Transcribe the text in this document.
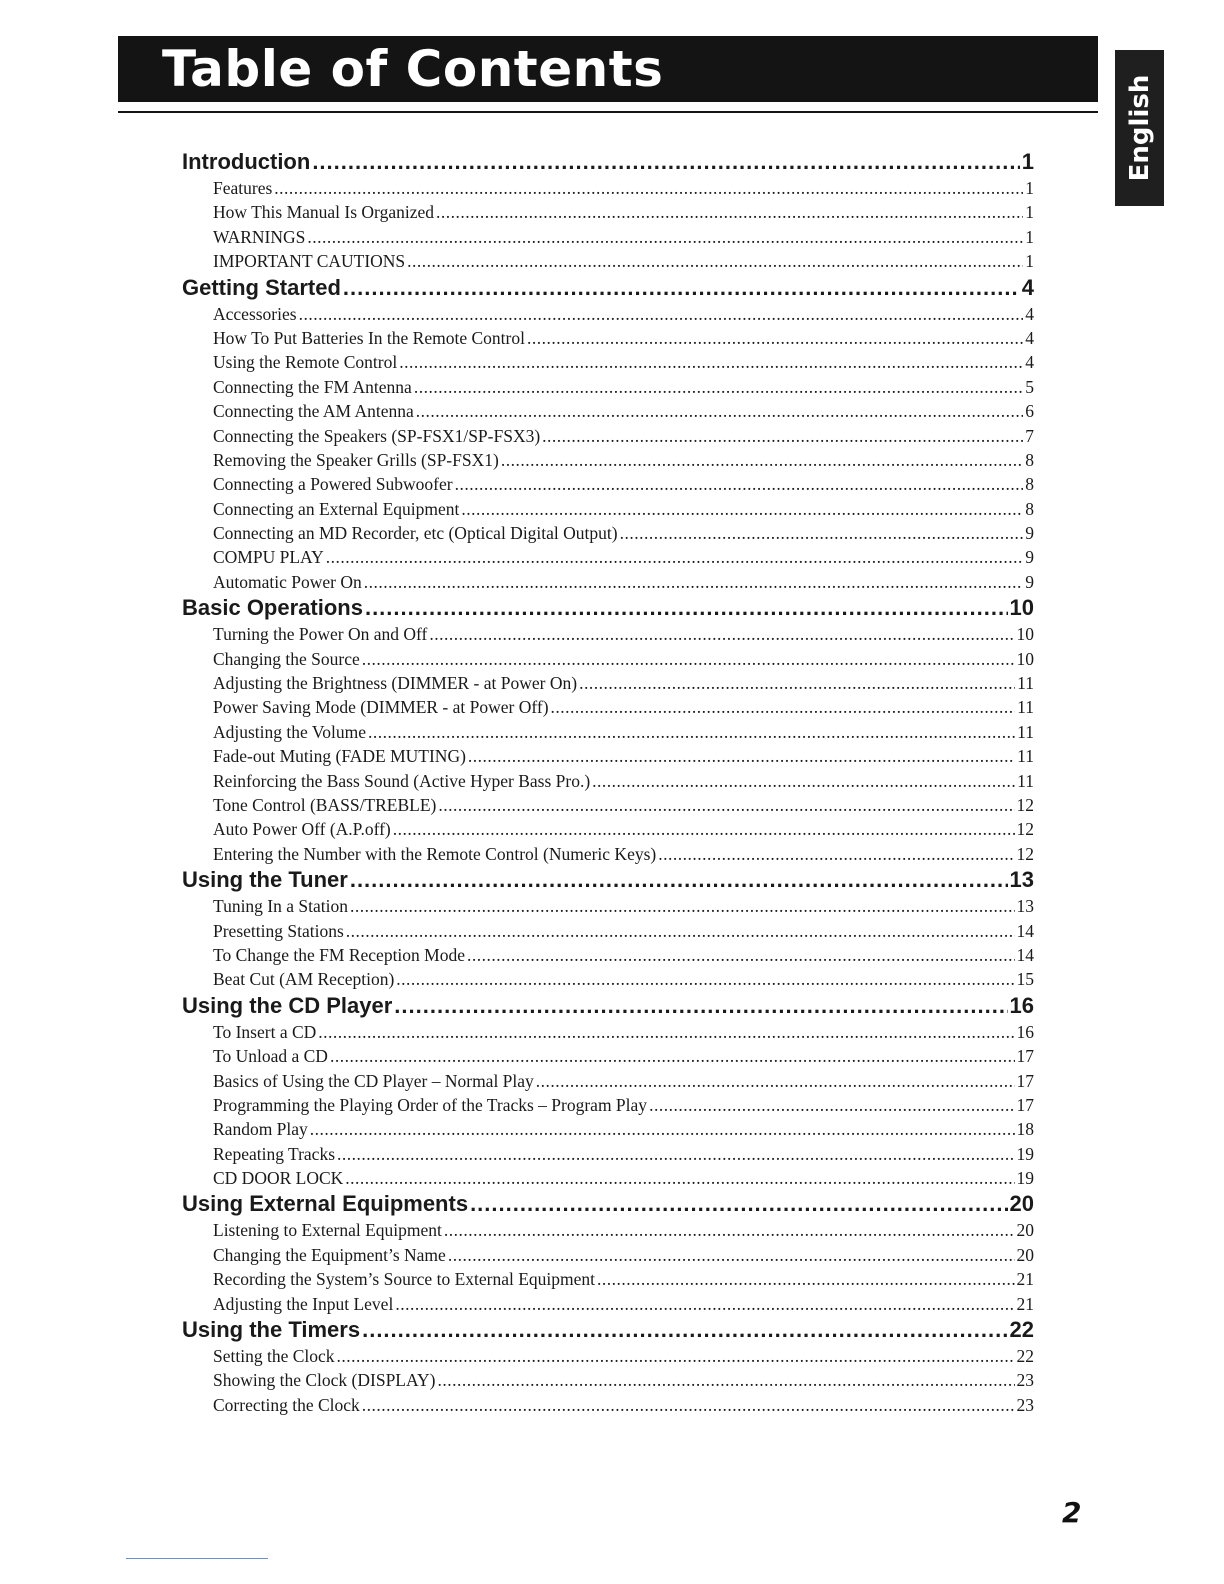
Table of Contents
English
Introduction .....	1
Features .....	1
How This Manual Is Organized .....	1
WARNINGS .....	1
IMPORTANT CAUTIONS .....	1
Getting Started .....	4
Accessories .....	4
How To Put Batteries In the Remote Control .....	4
Using the Remote Control .....	4
Connecting the FM Antenna .....	5
Connecting the AM Antenna .....	6
Connecting the Speakers (SP-FSX1/SP-FSX3) .....	7
Removing the Speaker Grills (SP-FSX1) .....	8
Connecting a Powered Subwoofer .....	8
Connecting an External Equipment .....	8
Connecting an MD Recorder, etc (Optical Digital Output) .....	9
COMPU PLAY .....	9
Automatic Power On .....	9
Basic Operations .....	10
Turning the Power On and Off .....	10
Changing the Source .....	10
Adjusting the Brightness (DIMMER - at Power On) .....	11
Power Saving Mode (DIMMER - at Power Off) .....	11
Adjusting the Volume .....	11
Fade-out Muting (FADE MUTING) .....	11
Reinforcing the Bass Sound (Active Hyper Bass Pro.) .....	11
Tone Control (BASS/TREBLE) .....	12
Auto Power Off (A.P.off) .....	12
Entering the Number with the Remote Control (Numeric Keys) .....	12
Using the Tuner .....	13
Tuning In a Station .....	13
Presetting Stations .....	14
To Change the FM Reception Mode .....	14
Beat Cut (AM Reception) .....	15
Using the CD Player .....	16
To Insert a CD .....	16
To Unload a CD .....	17
Basics of Using the CD Player – Normal Play .....	17
Programming the Playing Order of the Tracks – Program Play .....	17
Random Play .....	18
Repeating Tracks .....	19
CD DOOR LOCK .....	19
Using External Equipments .....	20
Listening to External Equipment .....	20
Changing the Equipment’s Name .....	20
Recording the System’s Source to External Equipment .....	21
Adjusting the Input Level .....	21
Using the Timers .....	22
Setting the Clock .....	22
Showing the Clock (DISPLAY) .....	23
Correcting the Clock .....	23
2
